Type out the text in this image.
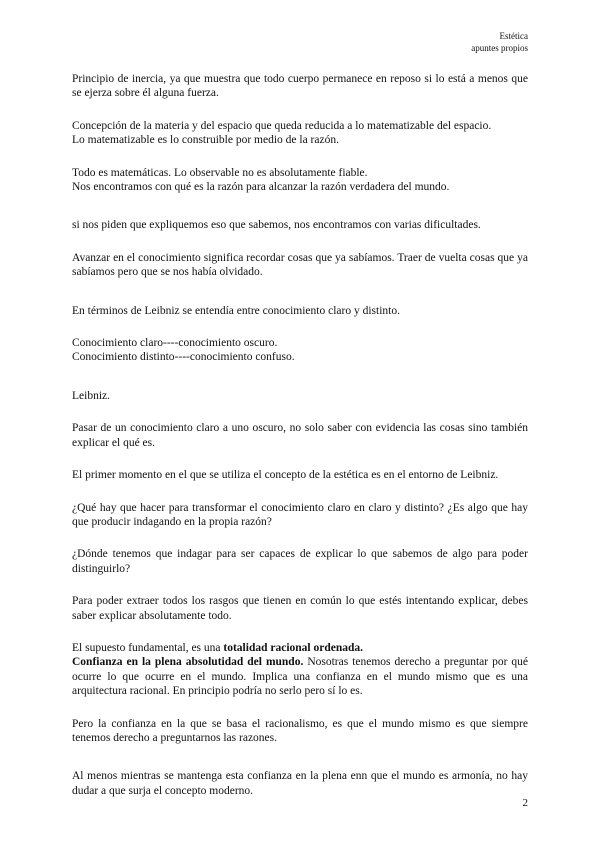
Estética
apuntes propios

Principio de inercia, ya que muestra que todo cuerpo permanece en reposo si lo está a menos que se ejerza sobre él alguna fuerza.

Concepción de la materia y del espacio que queda reducida a lo matematizable del espacio.

Lo matematizable es lo construible por medio de la razón.

Todo es matemáticas. Lo observable no es absolutamente fiable.

Nos encontramos con qué es la razón para alcanzar la razón verdadera del mundo.

si nos piden que expliquemos eso que sabemos, nos encontramos con varias dificultades.

Avanzar en el conocimiento significa recordar cosas que ya sabíamos. Traer de vuelta cosas que ya sabíamos pero que se nos había olvidado.

En términos de Leibniz se entendía entre conocimiento claro y distinto.

Conocimiento claro----conocimiento oscuro.

Conocimiento distinto----conocimiento confuso.

Leibniz.

Pasar de un conocimiento claro a uno oscuro, no solo saber con evidencia las cosas sino también explicar el qué es.

El primer momento en el que se utiliza el concepto de la estética es en el entorno de Leibniz.

¿Qué hay que hacer para transformar el conocimiento claro en claro y distinto? ¿Es algo que hay que producir indagando en la propia razón?

¿Dónde tenemos que indagar para ser capaces de explicar lo que sabemos de algo para poder distinguirlo?

Para poder extraer todos los rasgos que tienen en común lo que estés intentando explicar, debes saber explicar absolutamente todo.

El supuesto fundamental, es una totalidad racional ordenada.

Confianza en la plena absolutidad del mundo. Nosotras tenemos derecho a preguntar por qué ocurre lo que ocurre en el mundo. Implica una confianza en el mundo mismo que es una arquitectura racional. En principio podría no serlo pero sí lo es.

Pero la confianza en la que se basa el racionalismo, es que el mundo mismo es que siempre tenemos derecho a preguntarnos las razones.

Al menos mientras se mantenga esta confianza en la plena enn que el mundo es armonía, no hay dudar a que surja el concepto moderno.

2
